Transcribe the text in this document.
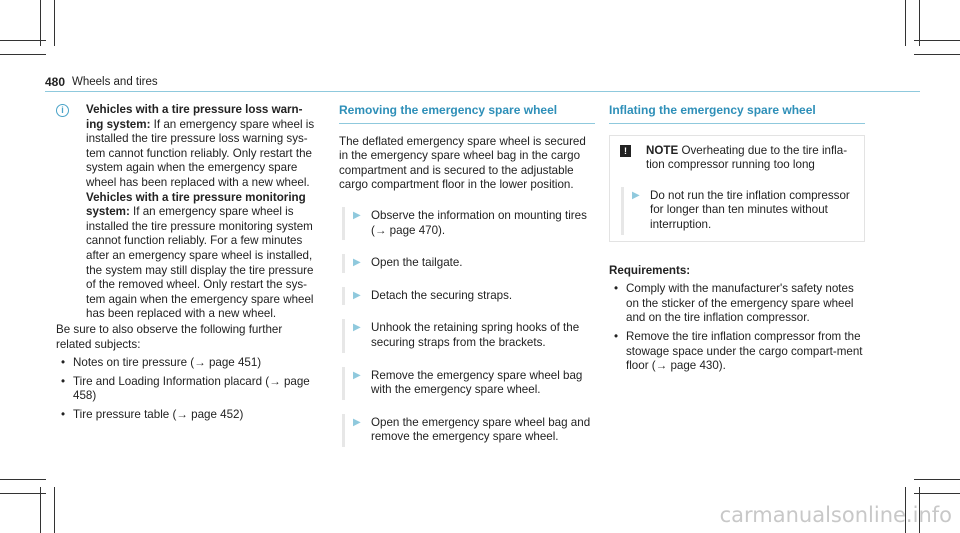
480 Wheels and tires
i	Vehicles with a tire pressure loss warn-ing system: If an emergency spare wheel is installed the tire pressure loss warning sys-tem cannot function reliably. Only restart the system again when the emergency spare wheel has been replaced with a new wheel. Vehicles with a tire pressure monitoring system: If an emergency spare wheel is installed the tire pressure monitoring system cannot function reliably. For a few minutes after an emergency spare wheel is installed, the system may still display the tire pressure of the removed wheel. Only restart the sys-tem again when the emergency spare wheel has been replaced with a new wheel.

Be sure to also observe the following further related subjects:

• Notes on tire pressure (→ page 451)
• Tire and Loading Information placard (→ page 458)
• Tire pressure table (→ page 452)

Removing the emergency spare wheel

The deflated emergency spare wheel is secured in the emergency spare wheel bag in the cargo compartment and is secured to the adjustable cargo compartment floor in the lower position.

▶ Observe the information on mounting tires (→ page 470).
▶ Open the tailgate.
▶ Detach the securing straps.
▶ Unhook the retaining spring hooks of the securing straps from the brackets.
▶ Remove the emergency spare wheel bag with the emergency spare wheel.
▶ Open the emergency spare wheel bag and remove the emergency spare wheel.

Inflating the emergency spare wheel

!	NOTE Overheating due to the tire infla-tion compressor running too long
▶ Do not run the tire inflation compressor for longer than ten minutes without interruption.

Requirements:

• Comply with the manufacturer's safety notes on the sticker of the emergency spare wheel and on the tire inflation compressor.
• Remove the tire inflation compressor from the stowage space under the cargo compart-ment floor (→ page 430).
carmanualsonline.info
